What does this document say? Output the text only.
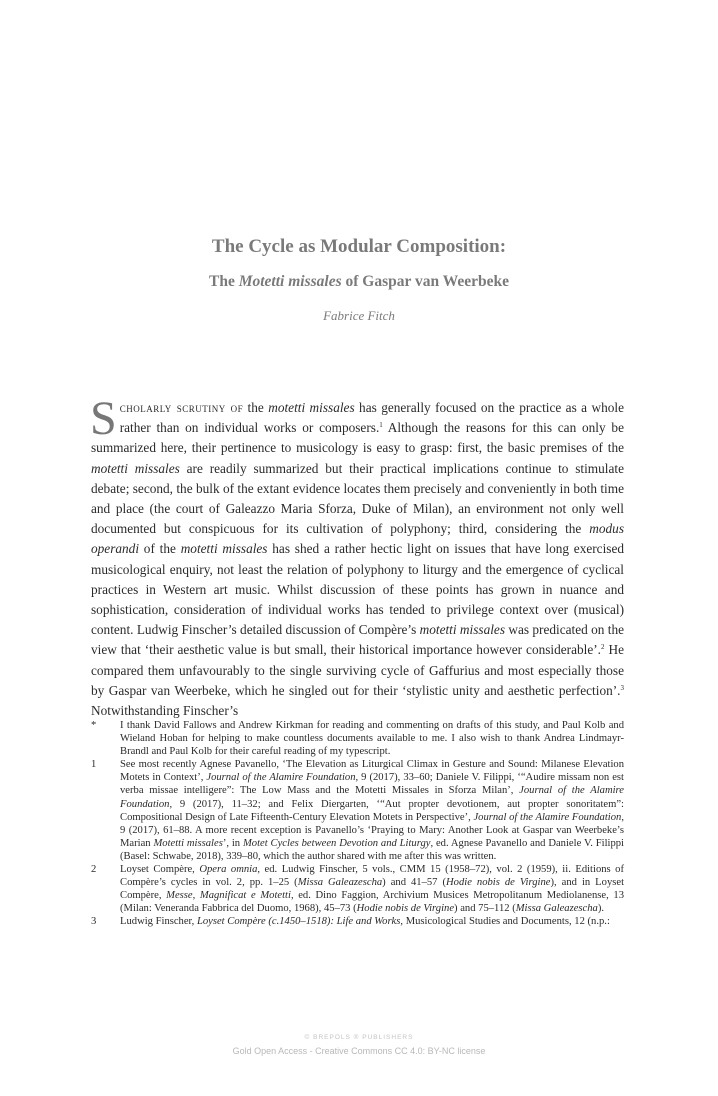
The Cycle as Modular Composition:
The Motetti missales of Gaspar van Weerbeke
Fabrice Fitch

Scholarly scrutiny of the motetti missales has generally focused on the practice as a whole rather than on individual works or composers.$^1$ Although the reasons for this can only be summarized here, their pertinence to musicology is easy to grasp: first, the basic premises of the motetti missales are readily summarized but their practical implications continue to stimulate debate; second, the bulk of the extant evidence locates them precisely and conveniently in both time and place (the court of Galeazzo Maria Sforza, Duke of Milan), an environment not only well documented but conspicuous for its cultivation of polyphony; third, considering the modus operandi of the motetti missales has shed a rather hectic light on issues that have long exercised musicological enquiry, not least the relation of polyphony to liturgy and the emergence of cyclical practices in Western art music. Whilst discussion of these points has grown in nuance and sophistication, consideration of individual works has tended to privilege context over (musical) content. Ludwig Finscher’s detailed discussion of Compère’s motetti missales was predicated on the view that ‘their aesthetic value is but small, their historical importance however considerable’.$^2$ He compared them unfavourably to the single surviving cycle of Gaffurius and most especially those by Gaspar van Weerbeke, which he singled out for their ‘stylistic unity and aesthetic perfection’.$^3$ Notwithstanding Finscher’s

* I thank David Fallows and Andrew Kirkman for reading and commenting on drafts of this study, and Paul Kolb and Wieland Hoban for helping to make countless documents available to me. I also wish to thank Andrea Lindmayr-Brandl and Paul Kolb for their careful reading of my typescript.

1 See most recently Agnese Pavanello, ‘The Elevation as Liturgical Climax in Gesture and Sound: Milanese Elevation Motets in Context’, Journal of the Alamire Foundation, 9 (2017), 33–60; Daniele V. Filippi, ‘“Audire missam non est verba missae intelligere”: The Low Mass and the Motetti Missales in Sforza Milan’, Journal of the Alamire Foundation, 9 (2017), 11–32; and Felix Diergarten, ‘“Aut propter devotionem, aut propter sonoritatem”: Compositional Design of Late Fifteenth-Century Elevation Motets in Perspective’, Journal of the Alamire Foundation, 9 (2017), 61–88. A more recent exception is Pavanello’s ‘Praying to Mary: Another Look at Gaspar van Weerbeke’s Marian Motetti missales’, in Motet Cycles between Devotion and Liturgy, ed. Agnese Pavanello and Daniele V. Filippi (Basel: Schwabe, 2018), 339–80, which the author shared with me after this was written.

2 Loyset Compère, Opera omnia, ed. Ludwig Finscher, 5 vols., CMM 15 (1958–72), vol. 2 (1959), ii. Editions of Compère’s cycles in vol. 2, pp. 1–25 (Missa Galeazescha) and 41–57 (Hodie nobis de Virgine), and in Loyset Compère, Messe, Magnificat e Motetti, ed. Dino Faggion, Archivium Musices Metropolitanum Mediolanense, 13 (Milan: Veneranda Fabbrica del Duomo, 1968), 45–73 (Hodie nobis de Virgine) and 75–112 (Missa Galeazescha).

3 Ludwig Finscher, Loyset Compère (c.1450–1518): Life and Works, Musicological Studies and Documents, 12 (n.p.:

© BREPOLS ® PUBLISHERS
Gold Open Access - Creative Commons CC 4.0: BY-NC license
